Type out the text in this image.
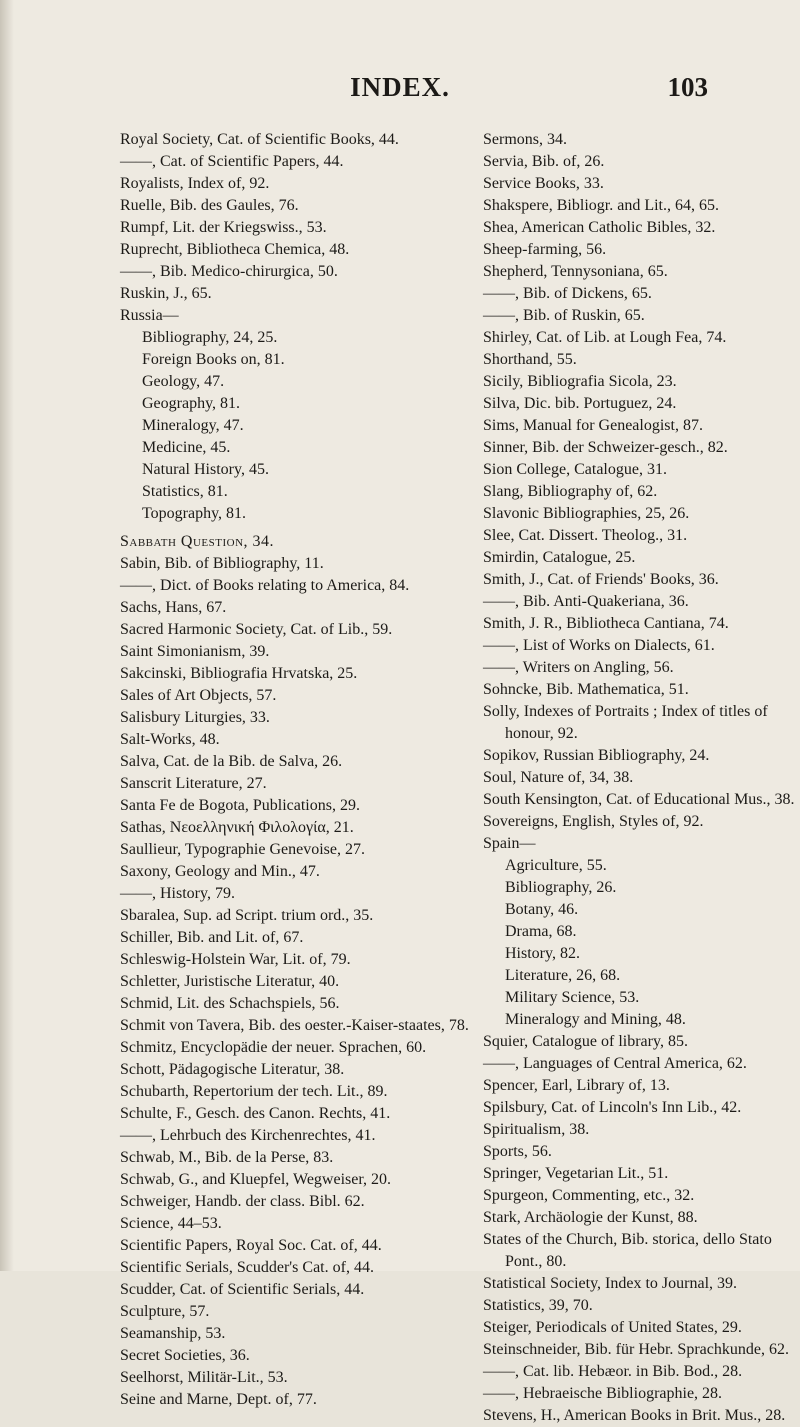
INDEX.	103
Royal Society, Cat. of Scientific Books, 44.
——, Cat. of Scientific Papers, 44.
Royalists, Index of, 92.
Ruelle, Bib. des Gaules, 76.
Rumpf, Lit. der Kriegswiss., 53.
Ruprecht, Bibliotheca Chemica, 48.
——, Bib. Medico-chirurgica, 50.
Ruskin, J., 65.
Russia—
Bibliography, 24, 25.
Foreign Books on, 81.
Geology, 47.
Geography, 81.
Mineralogy, 47.
Medicine, 45.
Natural History, 45.
Statistics, 81.
Topography, 81.
Sabbath Question, 34.
Sabin, Bib. of Bibliography, 11.
——, Dict. of Books relating to America, 84.
Sachs, Hans, 67.
Sacred Harmonic Society, Cat. of Lib., 59.
Saint Simonianism, 39.
Sakcinski, Bibliografia Hrvatska, 25.
Sales of Art Objects, 57.
Salisbury Liturgies, 33.
Salt-Works, 48.
Salva, Cat. de la Bib. de Salva, 26.
Sanscrit Literature, 27.
Santa Fe de Bogota, Publications, 29.
Sathas, Νεοελληνική Φιλολογία, 21.
Saullieur, Typographie Genevoise, 27.
Saxony, Geology and Min., 47.
——, History, 79.
Sbaralea, Sup. ad Script. trium ord., 35.
Schiller, Bib. and Lit. of, 67.
Schleswig-Holstein War, Lit. of, 79.
Schletter, Juristische Literatur, 40.
Schmid, Lit. des Schachspiels, 56.
Schmit von Tavera, Bib. des oester.-Kaiser-staates, 78.
Schmitz, Encyclopädie der neuer. Sprachen, 60.
Schott, Pädagogische Literatur, 38.
Schubarth, Repertorium der tech. Lit., 89.
Schulte, F., Gesch. des Canon. Rechts, 41.
——, Lehrbuch des Kirchenrechtes, 41.
Schwab, M., Bib. de la Perse, 83.
Schwab, G., and Kluepfel, Wegweiser, 20.
Schweiger, Handb. der class. Bibl. 62.
Science, 44–53.
Scientific Papers, Royal Soc. Cat. of, 44.
Scientific Serials, Scudder's Cat. of, 44.
Scudder, Cat. of Scientific Serials, 44.
Sculpture, 57.
Seamanship, 53.
Secret Societies, 36.
Seelhorst, Militär-Lit., 53.
Seine and Marne, Dept. of, 77.
Sermons, 34.
Servia, Bib. of, 26.
Service Books, 33.
Shakspere, Bibliogr. and Lit., 64, 65.
Shea, American Catholic Bibles, 32.
Sheep-farming, 56.
Shepherd, Tennysoniana, 65.
——, Bib. of Dickens, 65.
——, Bib. of Ruskin, 65.
Shirley, Cat. of Lib. at Lough Fea, 74.
Shorthand, 55.
Sicily, Bibliografia Sicola, 23.
Silva, Dic. bib. Portuguez, 24.
Sims, Manual for Genealogist, 87.
Sinner, Bib. der Schweizer-gesch., 82.
Sion College, Catalogue, 31.
Slang, Bibliography of, 62.
Slavonic Bibliographies, 25, 26.
Slee, Cat. Dissert. Theolog., 31.
Smirdin, Catalogue, 25.
Smith, J., Cat. of Friends' Books, 36.
——, Bib. Anti-Quakeriana, 36.
Smith, J. R., Bibliotheca Cantiana, 74.
——, List of Works on Dialects, 61.
——, Writers on Angling, 56.
Sohncke, Bib. Mathematica, 51.
Solly, Indexes of Portraits ; Index of titles of honour, 92.
Sopikov, Russian Bibliography, 24.
Soul, Nature of, 34, 38.
South Kensington, Cat. of Educational Mus., 38.
Sovereigns, English, Styles of, 92.
Spain—
Agriculture, 55.
Bibliography, 26.
Botany, 46.
Drama, 68.
History, 82.
Literature, 26, 68.
Military Science, 53.
Mineralogy and Mining, 48.
Squier, Catalogue of library, 85.
——, Languages of Central America, 62.
Spencer, Earl, Library of, 13.
Spilsbury, Cat. of Lincoln's Inn Lib., 42.
Spiritualism, 38.
Sports, 56.
Springer, Vegetarian Lit., 51.
Spurgeon, Commenting, etc., 32.
Stark, Archäologie der Kunst, 88.
States of the Church, Bib. storica, dello Stato Pont., 80.
Statistical Society, Index to Journal, 39.
Statistics, 39, 70.
Steiger, Periodicals of United States, 29.
Steinschneider, Bib. für Hebr. Sprachkunde, 62.
——, Cat. lib. Hebæor. in Bib. Bod., 28.
——, Hebraeische Bibliographie, 28.
Stevens, H., American Books in Brit. Mus., 28.
